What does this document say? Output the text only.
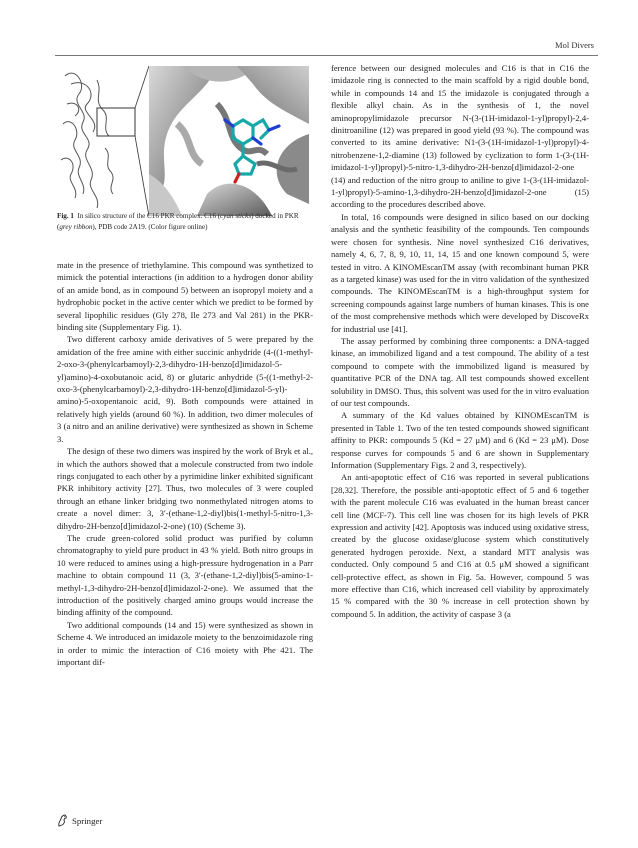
Mol Divers
Fig. 1 In silico structure of the C16 PKR complex. C16 (cyan sticks) docked in PKR (grey ribbon), PDB code 2A19. (Color figure online)

mate in the presence of triethylamine. This compound was synthetized to mimick the potential interactions (in addition to a hydrogen donor ability of an amide bond, as in compound 5) between an isopropyl moiety and a hydrophobic pocket in the active center which we predict to be formed by several lipophilic residues (Gly 278, Ile 273 and Val 281) in the PKR-binding site (Supplementary Fig. 1).

Two different carboxy amide derivatives of 5 were prepared by the amidation of the free amine with either succinic anhydride (4-((1-methyl-2-oxo-3-(phenylcarbamoyl)-2,3-dihydro-1H-benzo[d]imidazol-5-yl)amino)-4-oxobutanoic acid, 8) or glutaric anhydride (5-((1-methyl-2-oxo-3-(phenylcarbamoyl)-2,3-dihydro-1H-benzo[d]imidazol-5-yl)-amino)-5-oxopentanoic acid, 9). Both compounds were attained in relatively high yields (around 60 %). In addition, two dimer molecules of 3 (a nitro and an aniline derivative) were synthesized as shown in Scheme 3.

The design of these two dimers was inspired by the work of Bryk et al., in which the authors showed that a molecule constructed from two indole rings conjugated to each other by a pyrimidine linker exhibited significant PKR inhibitory activity [27]. Thus, two molecules of 3 were coupled through an ethane linker bridging two nonmethylated nitrogen atoms to create a novel dimer: 3, 3′-(ethane-1,2-diyl)bis(1-methyl-5-nitro-1,3-dihydro-2H-benzo[d]imidazol-2-one) (10) (Scheme 3).

The crude green-colored solid product was purified by column chromatography to yield pure product in 43 % yield. Both nitro groups in 10 were reduced to amines using a high-pressure hydrogenation in a Parr machine to obtain compound 11 (3, 3′-(ethane-1,2-diyl)bis(5-amino-1-methyl-1,3-dihydro-2H-benzo[d]imidazol-2-one). We assumed that the introduction of the positively charged amino groups would increase the binding affinity of the compound.

Two additional compounds (14 and 15) were synthesized as shown in Scheme 4. We introduced an imidazole moiety to the benzoimidazole ring in order to mimic the interaction of C16 moiety with Phe 421. The important dif-

ference between our designed molecules and C16 is that in C16 the imidazole ring is connected to the main scaffold by a rigid double bond, while in compounds 14 and 15 the imidazole is conjugated through a flexible alkyl chain. As in the synthesis of 1, the novel aminopropylimidazole precursor N-(3-(1H-imidazol-1-yl)propyl)-2,4-dinitroaniline (12) was prepared in good yield (93 %). The compound was converted to its amine derivative: N1-(3-(1H-imidazol-1-yl)propyl)-4-nitrobenzene-1,2-diamine (13) followed by cyclization to form 1-(3-(1H-imidazol-1-yl)propyl)-5-nitro-1,3-dihydro-2H-benzo[d]imidazol-2-one (14) and reduction of the nitro group to aniline to give 1-(3-(1H-imidazol-1-yl)propyl)-5-amino-1,3-dihydro-2H-benzo[d]imidazol-2-one (15) according to the procedures described above.

In total, 16 compounds were designed in silico based on our docking analysis and the synthetic feasibility of the compounds. Ten compounds were chosen for synthesis. Nine novel synthesized C16 derivatives, namely 4, 6, 7, 8, 9, 10, 11, 14, 15 and one known compound 5, were tested in vitro. A KINOMEscanTM assay (with recombinant human PKR as a targeted kinase) was used for the in vitro validation of the synthesized compounds. The KINOMEscanTM is a high-throughput system for screening compounds against large numbers of human kinases. This is one of the most comprehensive methods which were developed by DiscoveRx for industrial use [41].

The assay performed by combining three components: a DNA-tagged kinase, an immobilized ligand and a test compound. The ability of a test compound to compete with the immobilized ligand is measured by quantitative PCR of the DNA tag. All test compounds showed excellent solubility in DMSO. Thus, this solvent was used for the in vitro evaluation of our test compounds.

A summary of the Kd values obtained by KINOMEscanTM is presented in Table 1. Two of the ten tested compounds showed significant affinity to PKR: compounds 5 (Kd = 27 μM) and 6 (Kd = 23 μM). Dose response curves for compounds 5 and 6 are shown in Supplementary Information (Supplementary Figs. 2 and 3, respectively).

An anti-apoptotic effect of C16 was reported in several publications [28,32]. Therefore, the possible anti-apoptotic effect of 5 and 6 together with the parent molecule C16 was evaluated in the human breast cancer cell line (MCF-7). This cell line was chosen for its high levels of PKR expression and activity [42]. Apoptosis was induced using oxidative stress, created by the glucose oxidase/glucose system which constitutively generated hydrogen peroxide. Next, a standard MTT analysis was conducted. Only compound 5 and C16 at 0.5 μM showed a significant cell-protective effect, as shown in Fig. 5a. However, compound 5 was more effective than C16, which increased cell viability by approximately 15 % compared with the 30 % increase in cell protection shown by compound 5. In addition, the activity of caspase 3 (a

Springer
